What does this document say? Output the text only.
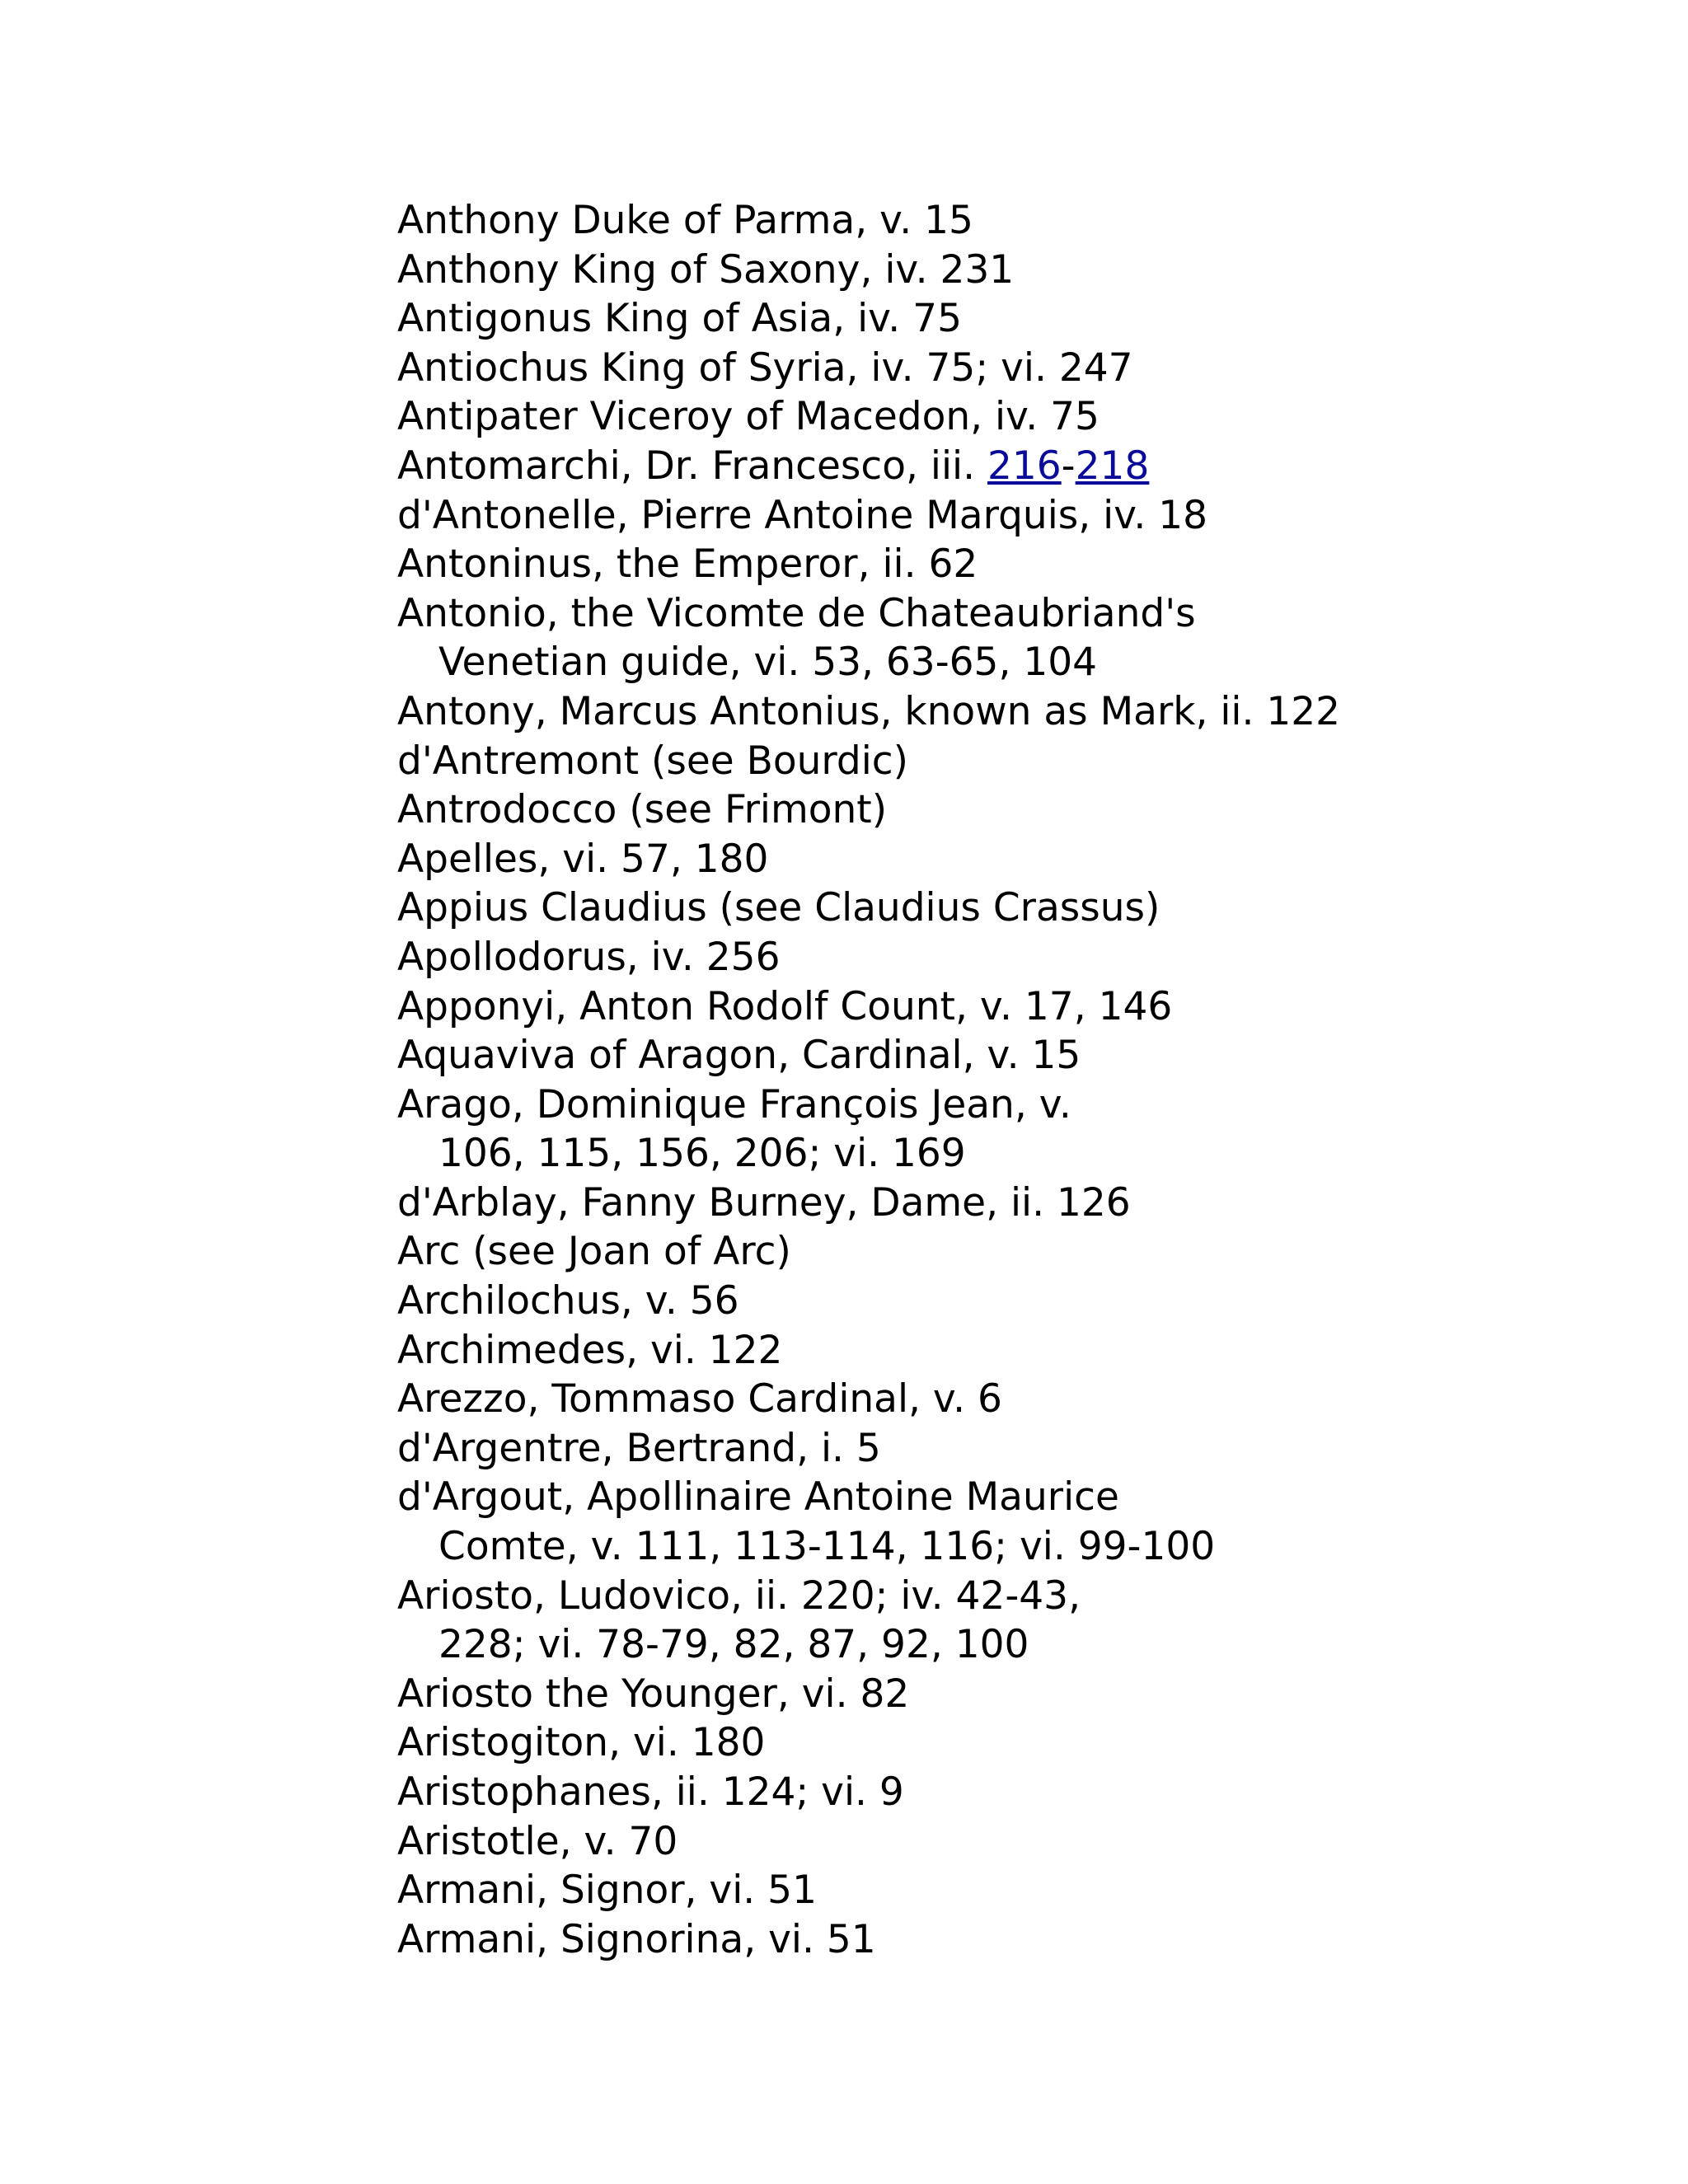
Anthony Duke of Parma, v. 15
Anthony King of Saxony, iv. 231
Antigonus King of Asia, iv. 75
Antiochus King of Syria, iv. 75; vi. 247
Antipater Viceroy of Macedon, iv. 75
Antomarchi, Dr. Francesco, iii. 216-218
d'Antonelle, Pierre Antoine Marquis, iv. 18
Antoninus, the Emperor, ii. 62
Antonio, the Vicomte de Chateaubriand's
Venetian guide, vi. 53, 63-65, 104
Antony, Marcus Antonius, known as Mark, ii. 122
d'Antremont (see Bourdic)
Antrodocco (see Frimont)
Apelles, vi. 57, 180
Appius Claudius (see Claudius Crassus)
Apollodorus, iv. 256
Apponyi, Anton Rodolf Count, v. 17, 146
Aquaviva of Aragon, Cardinal, v. 15
Arago, Dominique François Jean, v.
106, 115, 156, 206; vi. 169
d'Arblay, Fanny Burney, Dame, ii. 126
Arc (see Joan of Arc)
Archilochus, v. 56
Archimedes, vi. 122
Arezzo, Tommaso Cardinal, v. 6
d'Argentre, Bertrand, i. 5
d'Argout, Apollinaire Antoine Maurice
Comte, v. 111, 113-114, 116; vi. 99-100
Ariosto, Ludovico, ii. 220; iv. 42-43,
228; vi. 78-79, 82, 87, 92, 100
Ariosto the Younger, vi. 82
Aristogiton, vi. 180
Aristophanes, ii. 124; vi. 9
Aristotle, v. 70
Armani, Signor, vi. 51
Armani, Signorina, vi. 51
